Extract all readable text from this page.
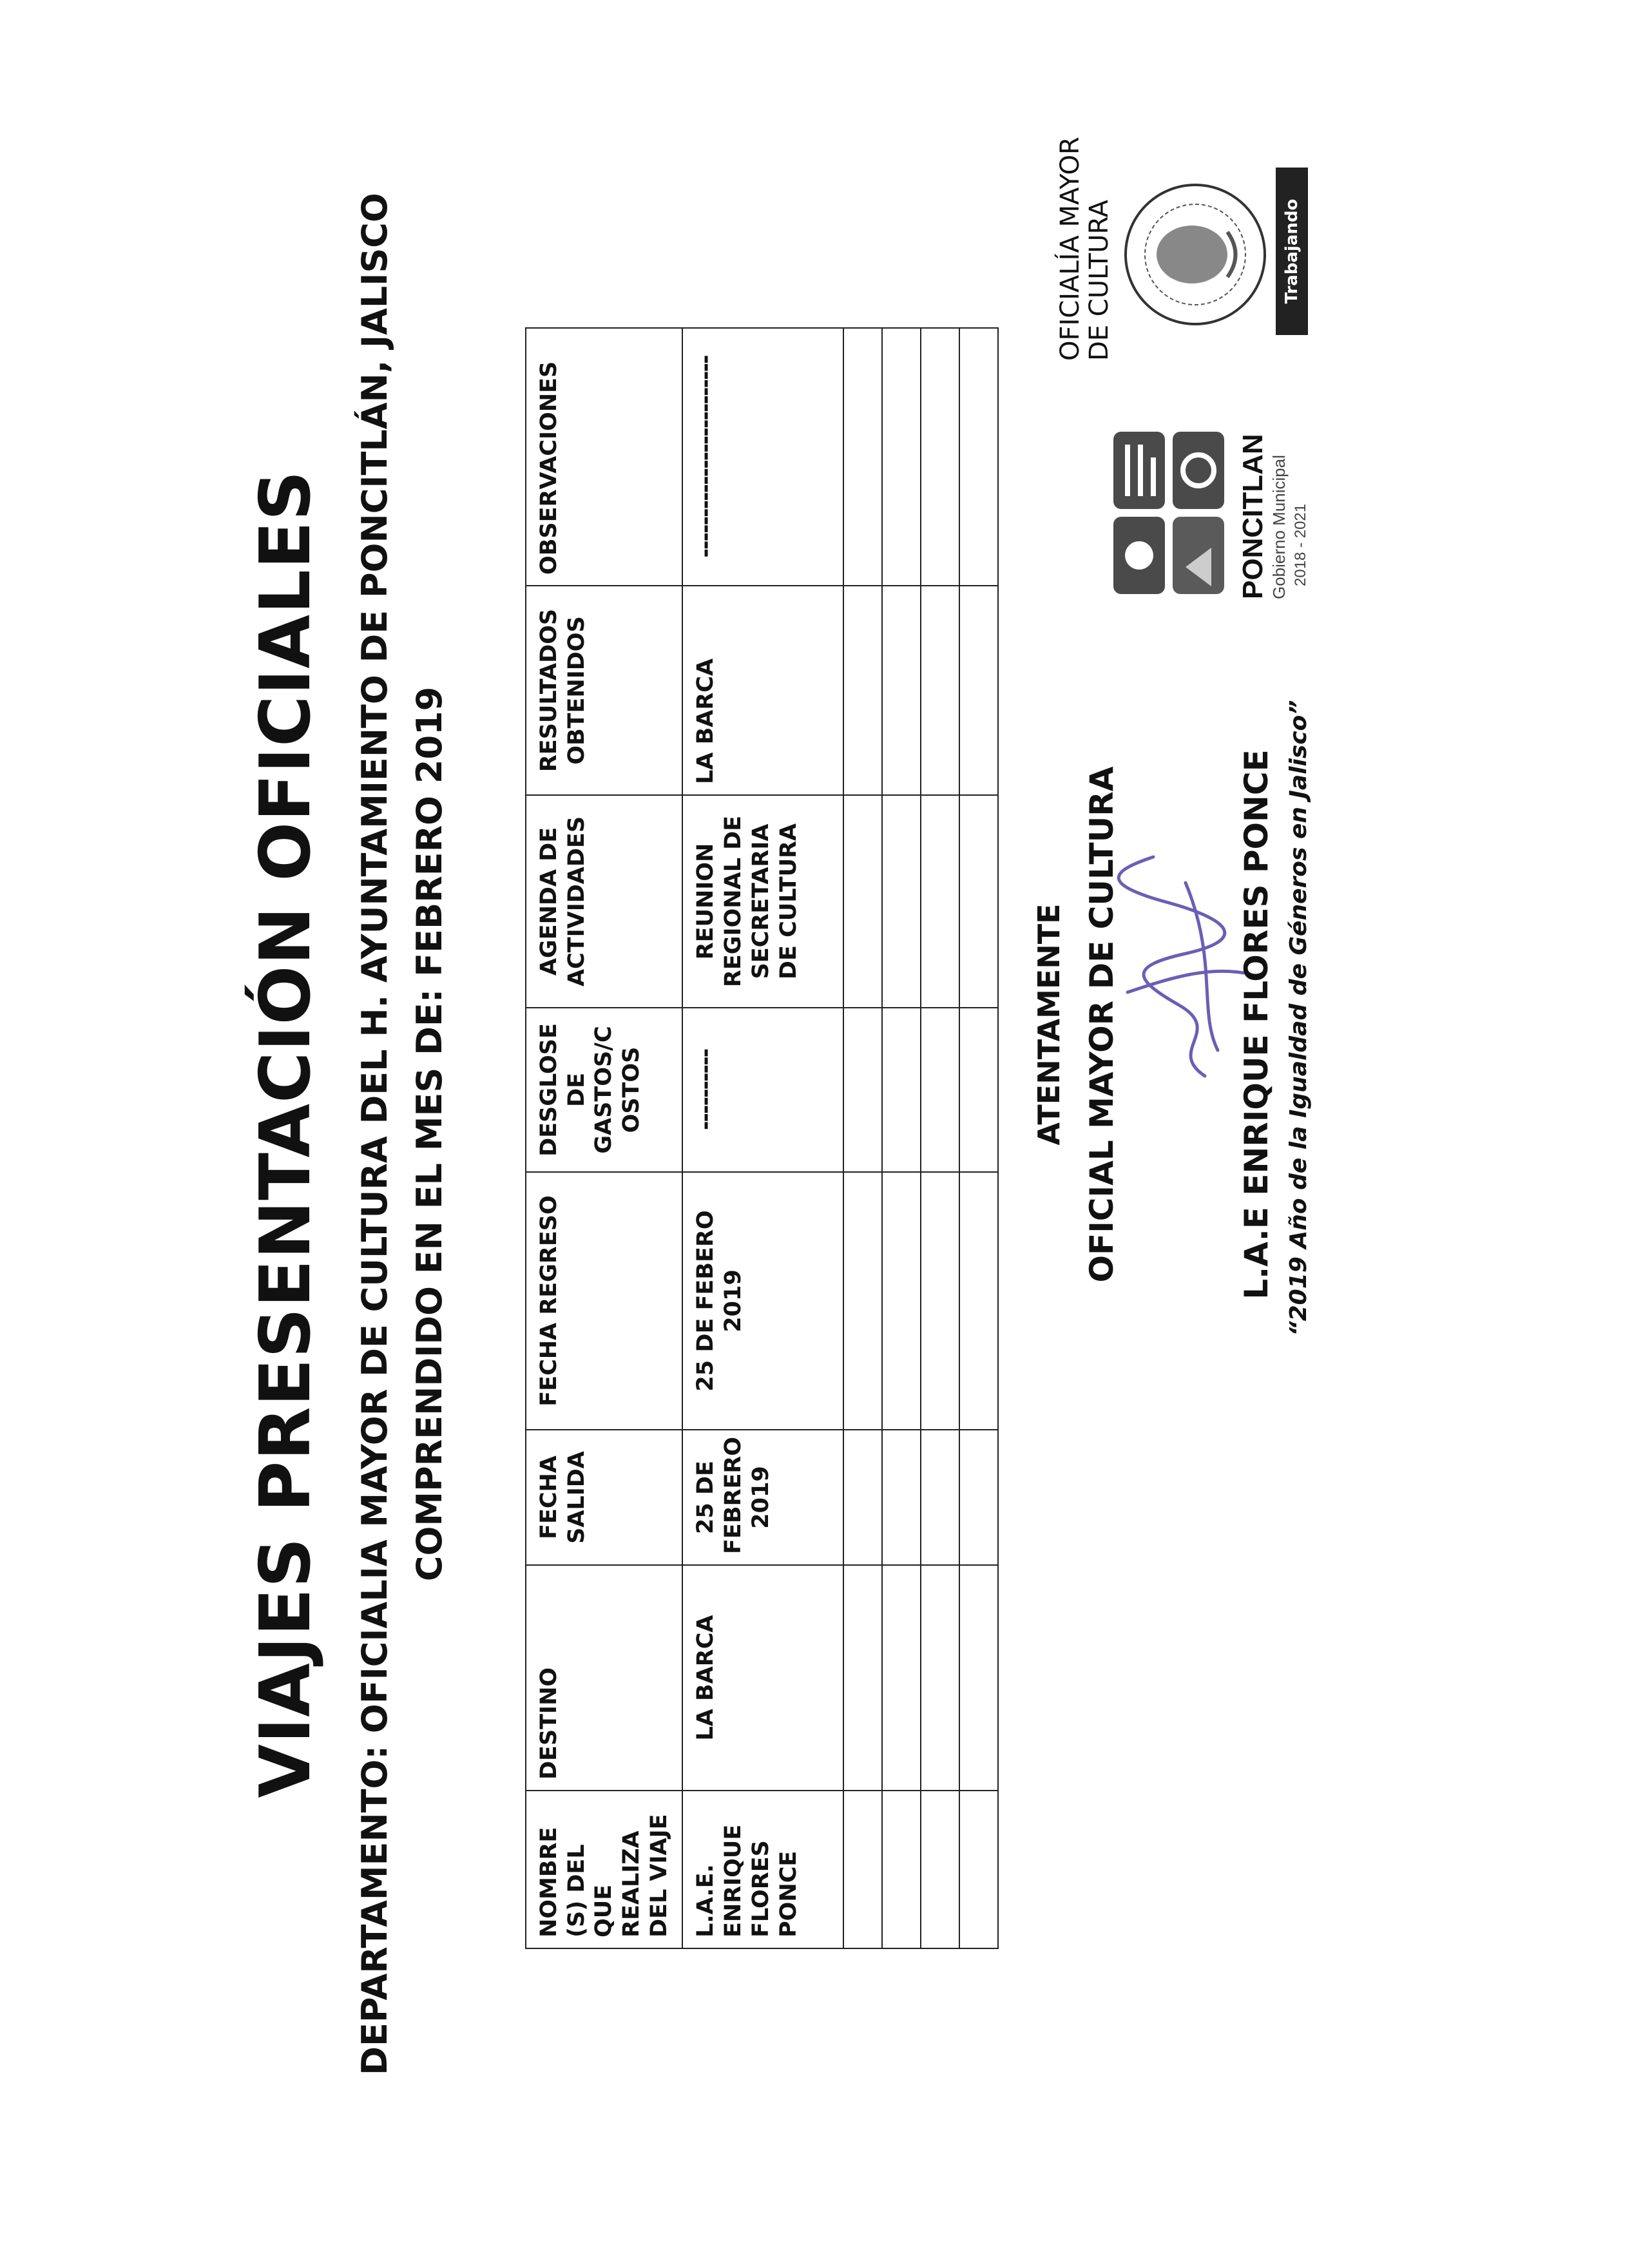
VIAJES PRESENTACIÓN OFICIALES DEPARTAMENTO: OFICIALIA MAYOR DE CULTURA DEL H. AYUNTAMIENTO DE PONCITLÁN, JALISCO COMPRENDIDO EN EL MES DE: FEBRERO 2019
NOMBRE (S) DEL QUE REALIZA DEL VIAJE	DESTINO	FECHA SALIDA	FECHA REGRESO	DESGLOSE DE GASTOS/C OSTOS	AGENDA DE ACTIVIDADES	RESULTADOS OBTENIDOS	OBSERVACIONES
L.A.E. ENRIQUE FLORES PONCE	LA BARCA	25 DE FEBRERO 2019	25 DE FEBERO 2019	----------	REUNION REGIONAL DE SECRETARIA DE CULTURA	LA BARCA	-------------------------

ATENTAMENTE OFICIAL MAYOR DE CULTURA	L.A.E ENRIQUE FLORES PONCE “2019 Año de la Igualdad de Géneros en Jalisco”
PONCITLAN Gobierno Municipal 2018 - 2021
OFICIALÍA MAYOR DE CULTURA	Trabajando
